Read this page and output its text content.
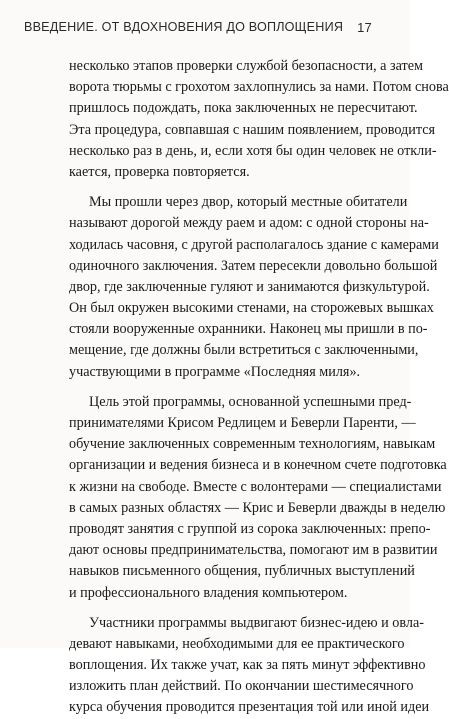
ВВЕДЕНИЕ. ОТ ВДОХНОВЕНИЯ ДО ВОПЛОЩЕНИЯ 17
несколько этапов проверки службой безопасности, а затем
ворота тюрьмы с грохотом захлопнулись за нами. Потом снова
пришлось подождать, пока заключенных не пересчитают.
Эта процедура, совпавшая с нашим появлением, проводится
несколько раз в день, и, если хотя бы один человек не откли-
кается, проверка повторяется.
Мы прошли через двор, который местные обитатели
называют дорогой между раем и адом: с одной стороны на-
ходилась часовня, с другой располагалось здание с камерами
одиночного заключения. Затем пересекли довольно большой
двор, где заключенные гуляют и занимаются физкультурой.
Он был окружен высокими стенами, на сторожевых вышках
стояли вооруженные охранники. Наконец мы пришли в по-
мещение, где должны были встретиться с заключенными,
участвующими в программе «Последняя миля».
Цель этой программы, основанной успешными пред-
принимателями Крисом Редлицем и Беверли Паренти, —
обучение заключенных современным технологиям, навыкам
организации и ведения бизнеса и в конечном счете подготовка
к жизни на свободе. Вместе с волонтерами — специалистами
в самых разных областях — Крис и Беверли дважды в неделю
проводят занятия с группой из сорока заключенных: препо-
дают основы предпринимательства, помогают им в развитии
навыков письменного общения, публичных выступлений
и профессионального владения компьютером.
Участники программы выдвигают бизнес-идею и овла-
девают навыками, необходимыми для ее практического
воплощения. Их также учат, как за пять минут эффективно
изложить план действий. По окончании шестимесячного
курса обучения проводится презентация той или иной идеи
